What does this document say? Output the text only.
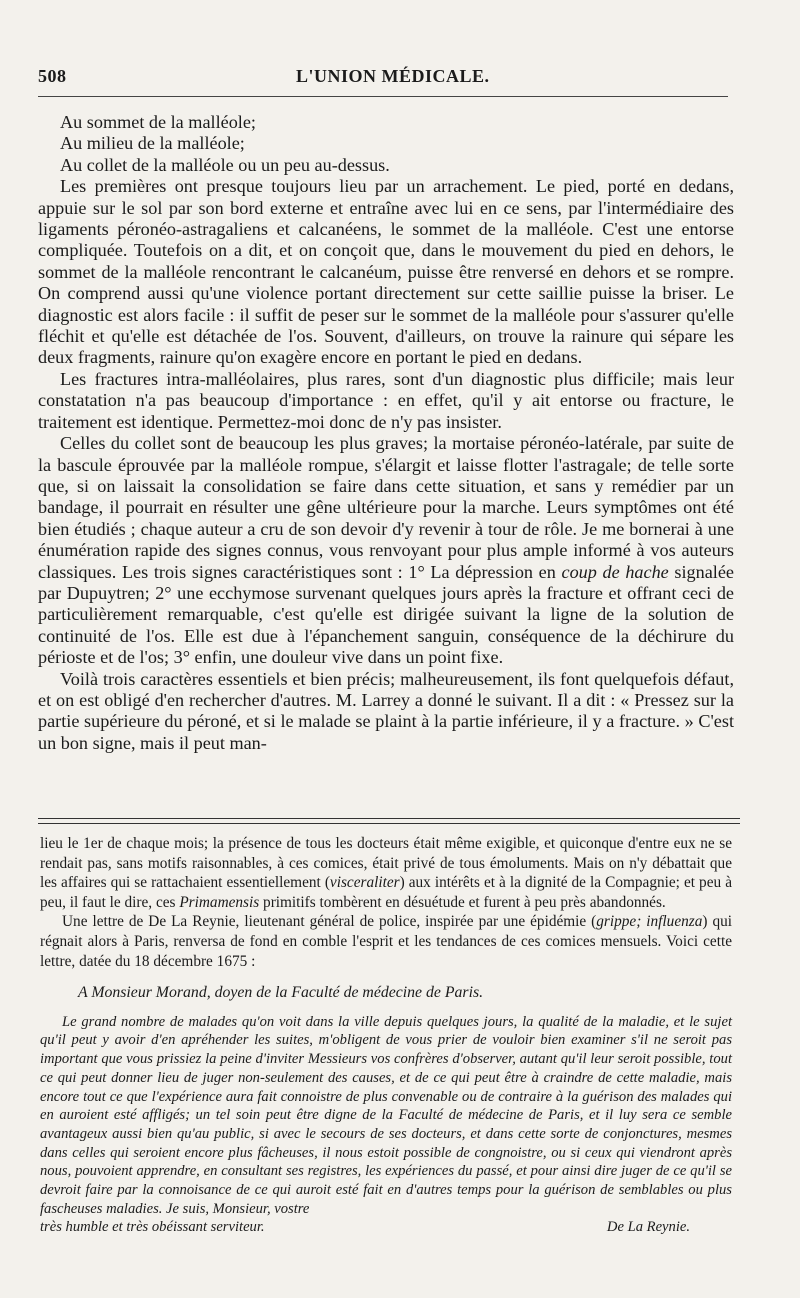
508	L'UNION MÉDICALE.

Au sommet de la malléole;

Au milieu de la malléole;

Au collet de la malléole ou un peu au-dessus.

Les premières ont presque toujours lieu par un arrachement. Le pied, porté en dedans, appuie sur le sol par son bord externe et entraîne avec lui en ce sens, par l'intermédiaire des ligaments péronéo-astragaliens et calcanéens, le sommet de la malléole. C'est une entorse compliquée. Toutefois on a dit, et on conçoit que, dans le mouvement du pied en dehors, le sommet de la malléole rencontrant le calcanéum, puisse être renversé en dehors et se rompre. On comprend aussi qu'une violence portant directement sur cette saillie puisse la briser. Le diagnostic est alors facile : il suffit de peser sur le sommet de la malléole pour s'assurer qu'elle fléchit et qu'elle est détachée de l'os. Souvent, d'ailleurs, on trouve la rainure qui sépare les deux fragments, rainure qu'on exagère encore en portant le pied en dedans.

Les fractures intra-malléolaires, plus rares, sont d'un diagnostic plus difficile; mais leur constatation n'a pas beaucoup d'importance : en effet, qu'il y ait entorse ou fracture, le traitement est identique. Permettez-moi donc de n'y pas insister.

Celles du collet sont de beaucoup les plus graves; la mortaise péronéo-latérale, par suite de la bascule éprouvée par la malléole rompue, s'élargit et laisse flotter l'astragale; de telle sorte que, si on laissait la consolidation se faire dans cette situation, et sans y remédier par un bandage, il pourrait en résulter une gêne ultérieure pour la marche. Leurs symptômes ont été bien étudiés ; chaque auteur a cru de son devoir d'y revenir à tour de rôle. Je me bornerai à une énumération rapide des signes connus, vous renvoyant pour plus ample informé à vos auteurs classiques. Les trois signes caractéristiques sont : 1° La dépression en coup de hache signalée par Dupuytren; 2° une ecchymose survenant quelques jours après la fracture et offrant ceci de particulièrement remarquable, c'est qu'elle est dirigée suivant la ligne de la solution de continuité de l'os. Elle est due à l'épanchement sanguin, conséquence de la déchirure du périoste et de l'os; 3° enfin, une douleur vive dans un point fixe.

Voilà trois caractères essentiels et bien précis; malheureusement, ils font quelquefois défaut, et on est obligé d'en rechercher d'autres. M. Larrey a donné le suivant. Il a dit : « Pressez sur la partie supérieure du péroné, et si le malade se plaint à la partie inférieure, il y a fracture. » C'est un bon signe, mais il peut man-

lieu le 1er de chaque mois; la présence de tous les docteurs était même exigible, et quiconque d'entre eux ne se rendait pas, sans motifs raisonnables, à ces comices, était privé de tous émoluments. Mais on n'y débattait que les affaires qui se rattachaient essentiellement (visceraliter) aux intérêts et à la dignité de la Compagnie; et peu à peu, il faut le dire, ces Primamensis primitifs tombèrent en désuétude et furent à peu près abandonnés.

Une lettre de De La Reynie, lieutenant général de police, inspirée par une épidémie (grippe; influenza) qui régnait alors à Paris, renversa de fond en comble l'esprit et les tendances de ces comices mensuels. Voici cette lettre, datée du 18 décembre 1675 :

A Monsieur Morand, doyen de la Faculté de médecine de Paris.

Le grand nombre de malades qu'on voit dans la ville depuis quelques jours, la qualité de la maladie, et le sujet qu'il peut y avoir d'en apréhender les suites, m'obligent de vous prier de vouloir bien examiner s'il ne seroit pas important que vous prissiez la peine d'inviter Messieurs vos confrères d'observer, autant qu'il leur seroit possible, tout ce qui peut donner lieu de juger non-seulement des causes, et de ce qui peut être à craindre de cette maladie, mais encore tout ce que l'expérience aura fait connoistre de plus convenable ou de contraire à la guérison des malades qui en auroient esté affligés; un tel soin peut être digne de la Faculté de médecine de Paris, et il luy sera ce semble avantageux aussi bien qu'au public, si avec le secours de ses docteurs, et dans cette sorte de conjonctures, mesmes dans celles qui seroient encore plus fâcheuses, il nous estoit possible de congnoistre, ou si ceux qui viendront après nous, pouvoient apprendre, en consultant ses registres, les expériences du passé, et pour ainsi dire juger de ce qu'il se devroit faire par la connoisance de ce qui auroit esté fait en d'autres temps pour la guérison de semblables ou plus fascheuses maladies. Je suis, Monsieur, vostre

très humble et très obéissant serviteur.	De La Reynie.
